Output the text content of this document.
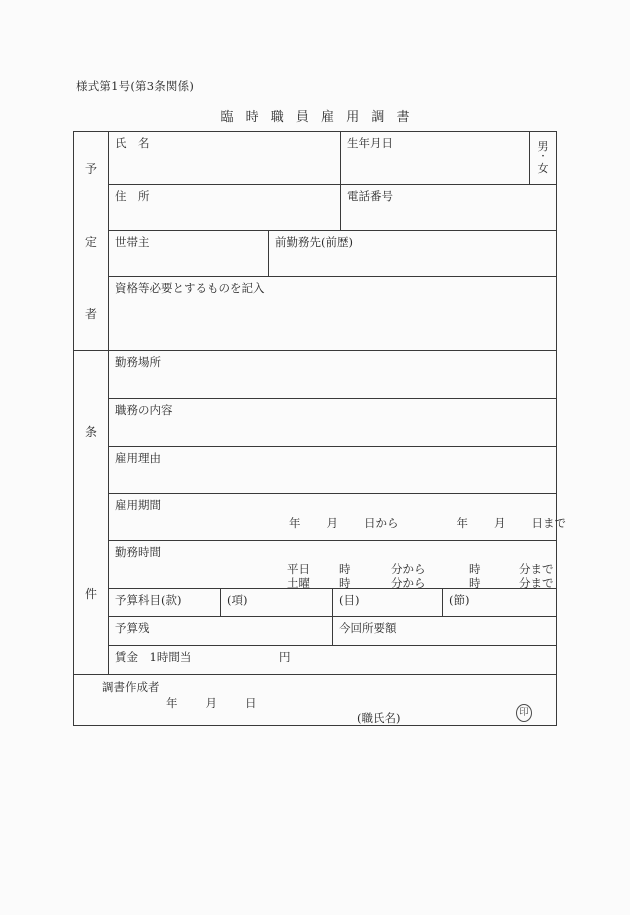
様式第1号(第3条関係)
臨 時 職 員 雇 用 調 書
予
定
者
氏　名	生年月日	男
・
女
住　所	電話番号
世帯主	前勤務先(前歴)
資格等必要とするものを記入
条
件
勤務場所
職務の内容
雇用理由
雇用期間
年 月 日から	年 月 日まで
勤務時間
平日	時	分から	時	分まで
土曜	時	分から	時	分まで
予算科目(款)	(項)	(目)	(節)
予算残	今回所要額
賃金　1時間当	円
調書作成者
年 月 日
(職氏名)	印
